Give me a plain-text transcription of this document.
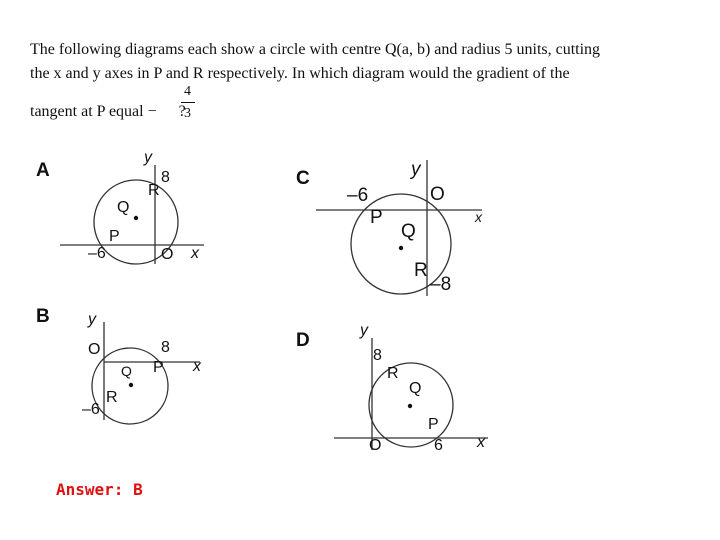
The following diagrams each show a circle with centre Q(a, b) and radius 5 units, cutting
the x and y axes in P and R respectively. In which diagram would the gradient of the
tangent at P equal − ?
4
3
A
y
x
R
8
Q
P
–6	O
B y
x
O	8
Q P
R
–6
C	y
x
–6	O
P
Q
R
–8
D	y
x
8
R
Q
P
O	6
Answer: B
